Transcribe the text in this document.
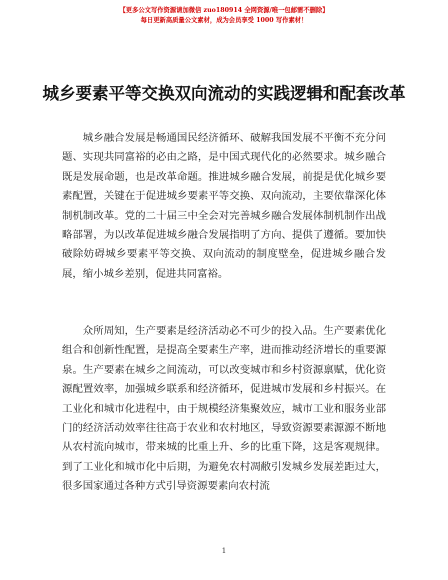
【更多公文写作资源请加微信 zuo180914 全网资源/唯一包邮需不删除】
每日更新高质量公文素材，成为会员享受 1000 写作素材！
城乡要素平等交换双向流动的实践逻辑和配套改革

城乡融合发展是畅通国民经济循环、破解我国发展不平衡不充分问题、实现共同富裕的必由之路，是中国式现代化的必然要求。城乡融合既是发展命题，也是改革命题。推进城乡融合发展，前提是优化城乡要素配置，关键在于促进城乡要素平等交换、双向流动，主要依靠深化体制机制改革。党的二十届三中全会对完善城乡融合发展体制机制作出战略部署，为以改革促进城乡融合发展指明了方向、提供了遵循。要加快破除妨碍城乡要素平等交换、双向流动的制度壁垒，促进城乡融合发展，缩小城乡差别，促进共同富裕。

众所周知，生产要素是经济活动必不可少的投入品。生产要素优化组合和创新性配置，是提高全要素生产率，进而推动经济增长的重要源泉。生产要素在城乡之间流动，可以改变城市和乡村资源禀赋，优化资源配置效率，加强城乡联系和经济循环，促进城市发展和乡村振兴。在工业化和城市化进程中，由于规模经济集聚效应，城市工业和服务业部门的经济活动效率往往高于农业和农村地区，导致资源要素源源不断地从农村流向城市，带来城的比重上升、乡的比重下降，这是客观规律。到了工业化和城市化中后期，为避免农村凋敝引发城乡发展差距过大，很多国家通过各种方式引导资源要素向农村流

1
